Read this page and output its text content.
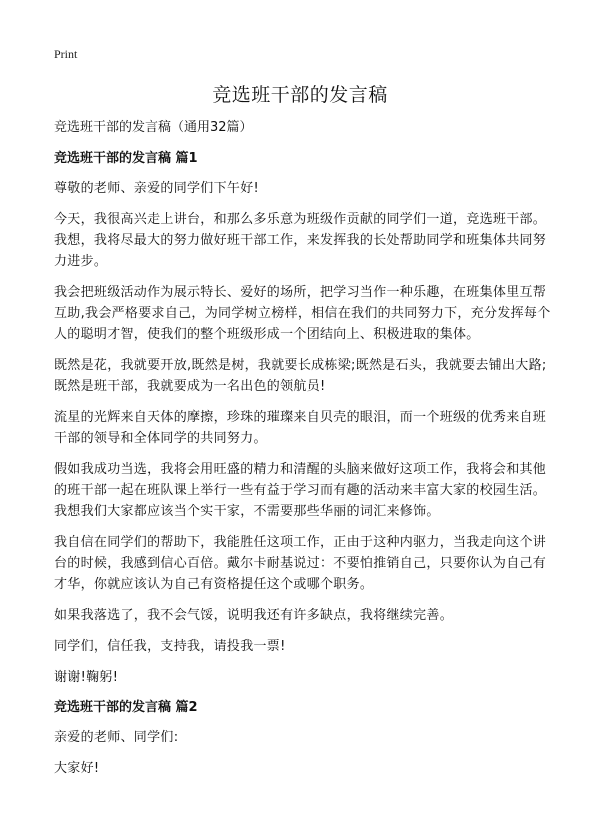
Print
竞选班干部的发言稿

竞选班干部的发言稿（通用32篇）

竞选班干部的发言稿 篇1

尊敬的老师、亲爱的同学们下午好!

今天，我很高兴走上讲台，和那么多乐意为班级作贡献的同学们一道，竞选班干部。我想，我将尽最大的努力做好班干部工作，来发挥我的长处帮助同学和班集体共同努力进步。

我会把班级活动作为展示特长、爱好的场所，把学习当作一种乐趣，在班集体里互帮互助,我会严格要求自己，为同学树立榜样，相信在我们的共同努力下，充分发挥每个人的聪明才智，使我们的整个班级形成一个团结向上、积极进取的集体。

既然是花，我就要开放,既然是树，我就要长成栋梁;既然是石头，我就要去铺出大路;既然是班干部，我就要成为一名出色的领航员!

流星的光辉来自天体的摩擦，珍珠的璀璨来自贝壳的眼泪，而一个班级的优秀来自班干部的领导和全体同学的共同努力。

假如我成功当选，我将会用旺盛的精力和清醒的头脑来做好这项工作，我将会和其他的班干部一起在班队课上举行一些有益于学习而有趣的活动来丰富大家的校园生活。我想我们大家都应该当个实干家，不需要那些华丽的词汇来修饰。

我自信在同学们的帮助下，我能胜任这项工作，正由于这种内驱力，当我走向这个讲台的时候，我感到信心百倍。戴尔卡耐基说过：不要怕推销自己，只要你认为自己有才华，你就应该认为自己有资格提任这个或哪个职务。

如果我落选了，我不会气馁，说明我还有许多缺点，我将继续完善。

同学们，信任我，支持我，请投我一票!

谢谢!鞠躬!

竞选班干部的发言稿 篇2

亲爱的老师、同学们:

大家好!
